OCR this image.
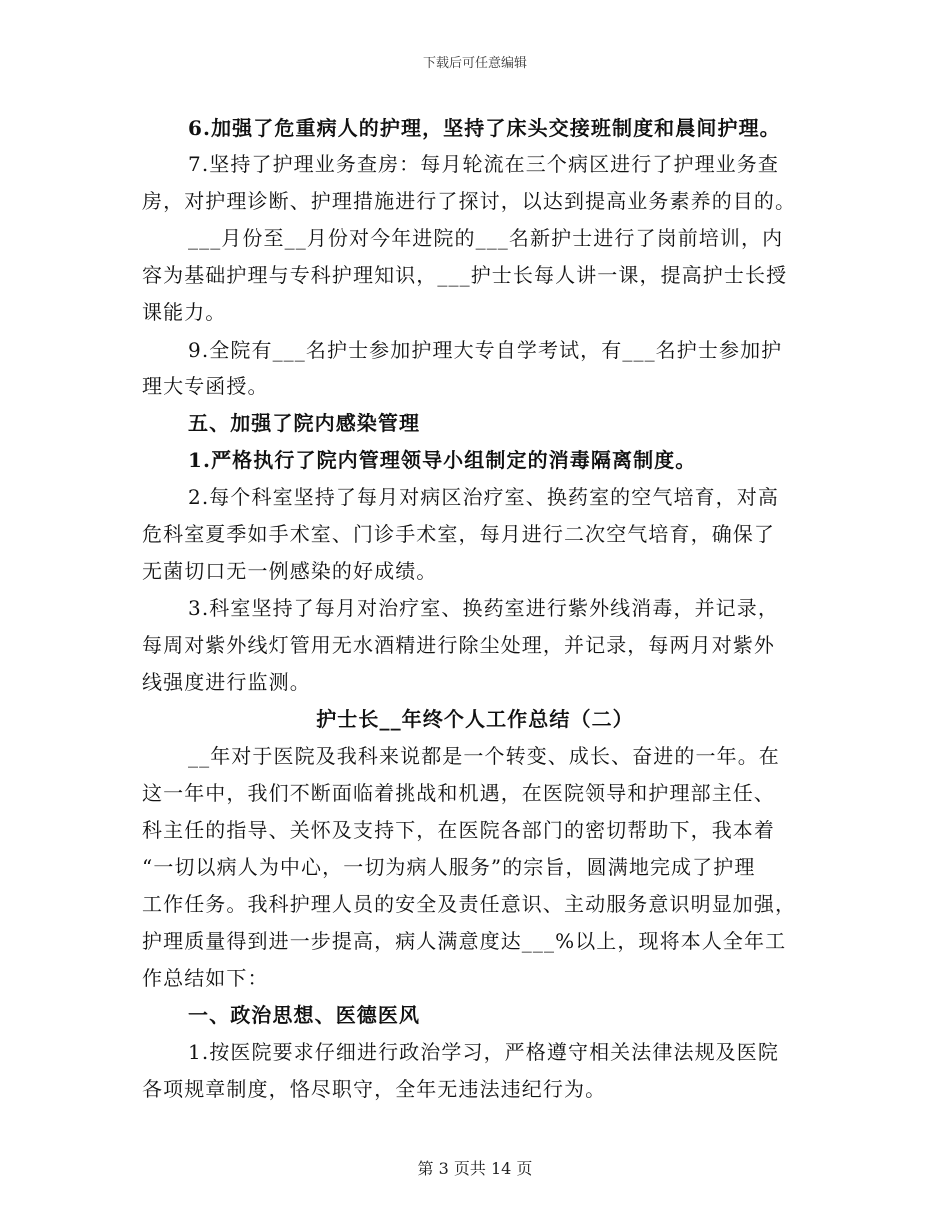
下载后可任意编辑
6.加强了危重病人的护理，坚持了床头交接班制度和晨间护理。
7.坚持了护理业务查房：每月轮流在三个病区进行了护理业务查
房，对护理诊断、护理措施进行了探讨，以达到提高业务素养的目的。
___月份至__月份对今年进院的___名新护士进行了岗前培训，内
容为基础护理与专科护理知识，___护士长每人讲一课，提高护士长授
课能力。
9.全院有___名护士参加护理大专自学考试，有___名护士参加护
理大专函授。
五、加强了院内感染管理
1.严格执行了院内管理领导小组制定的消毒隔离制度。
2.每个科室坚持了每月对病区治疗室、换药室的空气培育，对高
危科室夏季如手术室、门诊手术室，每月进行二次空气培育，确保了
无菌切口无一例感染的好成绩。
3.科室坚持了每月对治疗室、换药室进行紫外线消毒，并记录，
每周对紫外线灯管用无水酒精进行除尘处理，并记录，每两月对紫外
线强度进行监测。
护士长__年终个人工作总结（二）
__年对于医院及我科来说都是一个转变、成长、奋进的一年。在
这一年中，我们不断面临着挑战和机遇，在医院领导和护理部主任、
科主任的指导、关怀及支持下，在医院各部门的密切帮助下，我本着
“一切以病人为中心，一切为病人服务”的宗旨，圆满地完成了护理
工作任务。我科护理人员的安全及责任意识、主动服务意识明显加强，
护理质量得到进一步提高，病人满意度达___%以上，现将本人全年工
作总结如下：
一、政治思想、医德医风
1.按医院要求仔细进行政治学习，严格遵守相关法律法规及医院
各项规章制度，恪尽职守，全年无违法违纪行为。
第 3 页共 14 页
